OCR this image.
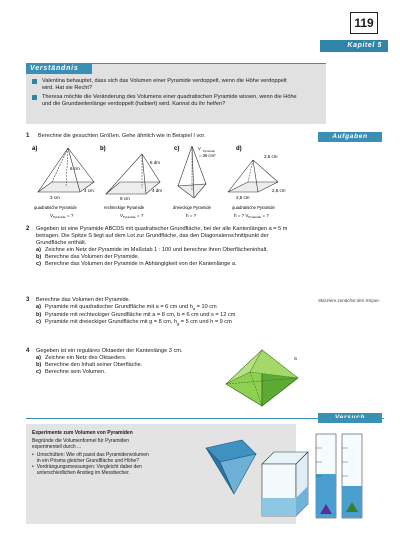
119
Kapitel 5
Verständnis
Valentina behauptet, dass sich das Volumen einer Pyramide verdoppelt, wenn die Höhe verdoppelt wird. Hat sie Recht?
Theresa möchte die Veränderung des Volumens einer quadratischen Pyramide wissen, wenn die Höhe und die Grundseitenlänge verdoppelt (halbiert) wird. Kannst du ihr helfen?
Aufgaben
1 Berechne die gesuchten Größen. Gehe ähnlich wie in Beispiel I vor.
a)
6 cm
3 cm
4 cm
b)
6 dm
9 cm
4 dm
c)	V Pyramide
= 36 cm³
d)
2,5 cm
2,5 cm
2,5 cm
quadratische Pyramide	rechteckige Pyramide	dreieckige Pyramide	quadratische Pyramide
$V_{Pyramide}$ = ?	$V_{Pyramide}$ = ?	h = ?	h = ? $V_{Pyramide}$ = ?
2	Gegeben ist eine Pyramide ABCDS mit quadratischer Grundfläche, bei der alle Kantenlängen a = 5 m betragen. Die Spitze S liegt auf dem Lot zur Grundfläche, das den Diagonalenschnittpunkt der Grundfläche enthält.
a) Zeichne ein Netz der Pyramide im Maßstab 1 : 100 und berechne ihren Oberflächeninhalt.
b) Berechne das Volumen der Pyramide.
c) Berechne das Volumen der Pyramide in Abhängigkeit von der Kantenlänge a.
3	Berechne das Volumen der Pyramide.
a) Pyramide mit quadratischer Grundfläche mit a = 6 cm und $h_a = 10$ cm
b) Pyramide mit rechteckiger Grundfläche mit a = 8 cm, b = 6 cm und s = 12 cm
c) Pyramide mit dreieckiger Grundfläche mit g = 8 cm, $h_g = 5$ cm und h = 9 cm
Skizziere zunächst den Körper.
4	Gegeben ist ein reguläres Oktaeder der Kantenlänge 3 cm.
a) Zeichne ein Netz des Oktaeders.
b) Berechne den Inhalt seiner Oberfläche.
c) Berechne sein Volumen.
a
Experimente zum Volumen von Pyramiden
Begründe die Volumenformel für Pyramiden experimentell durch ...
• Umschütten: Wie oft passt das Pyramidenvolumen in ein Prisma gleicher Grundfläche und Höhe?
• Verdrängungsmessungen: Vergleicht dabei den unterschiedlichen Anstieg im Messbecher.
